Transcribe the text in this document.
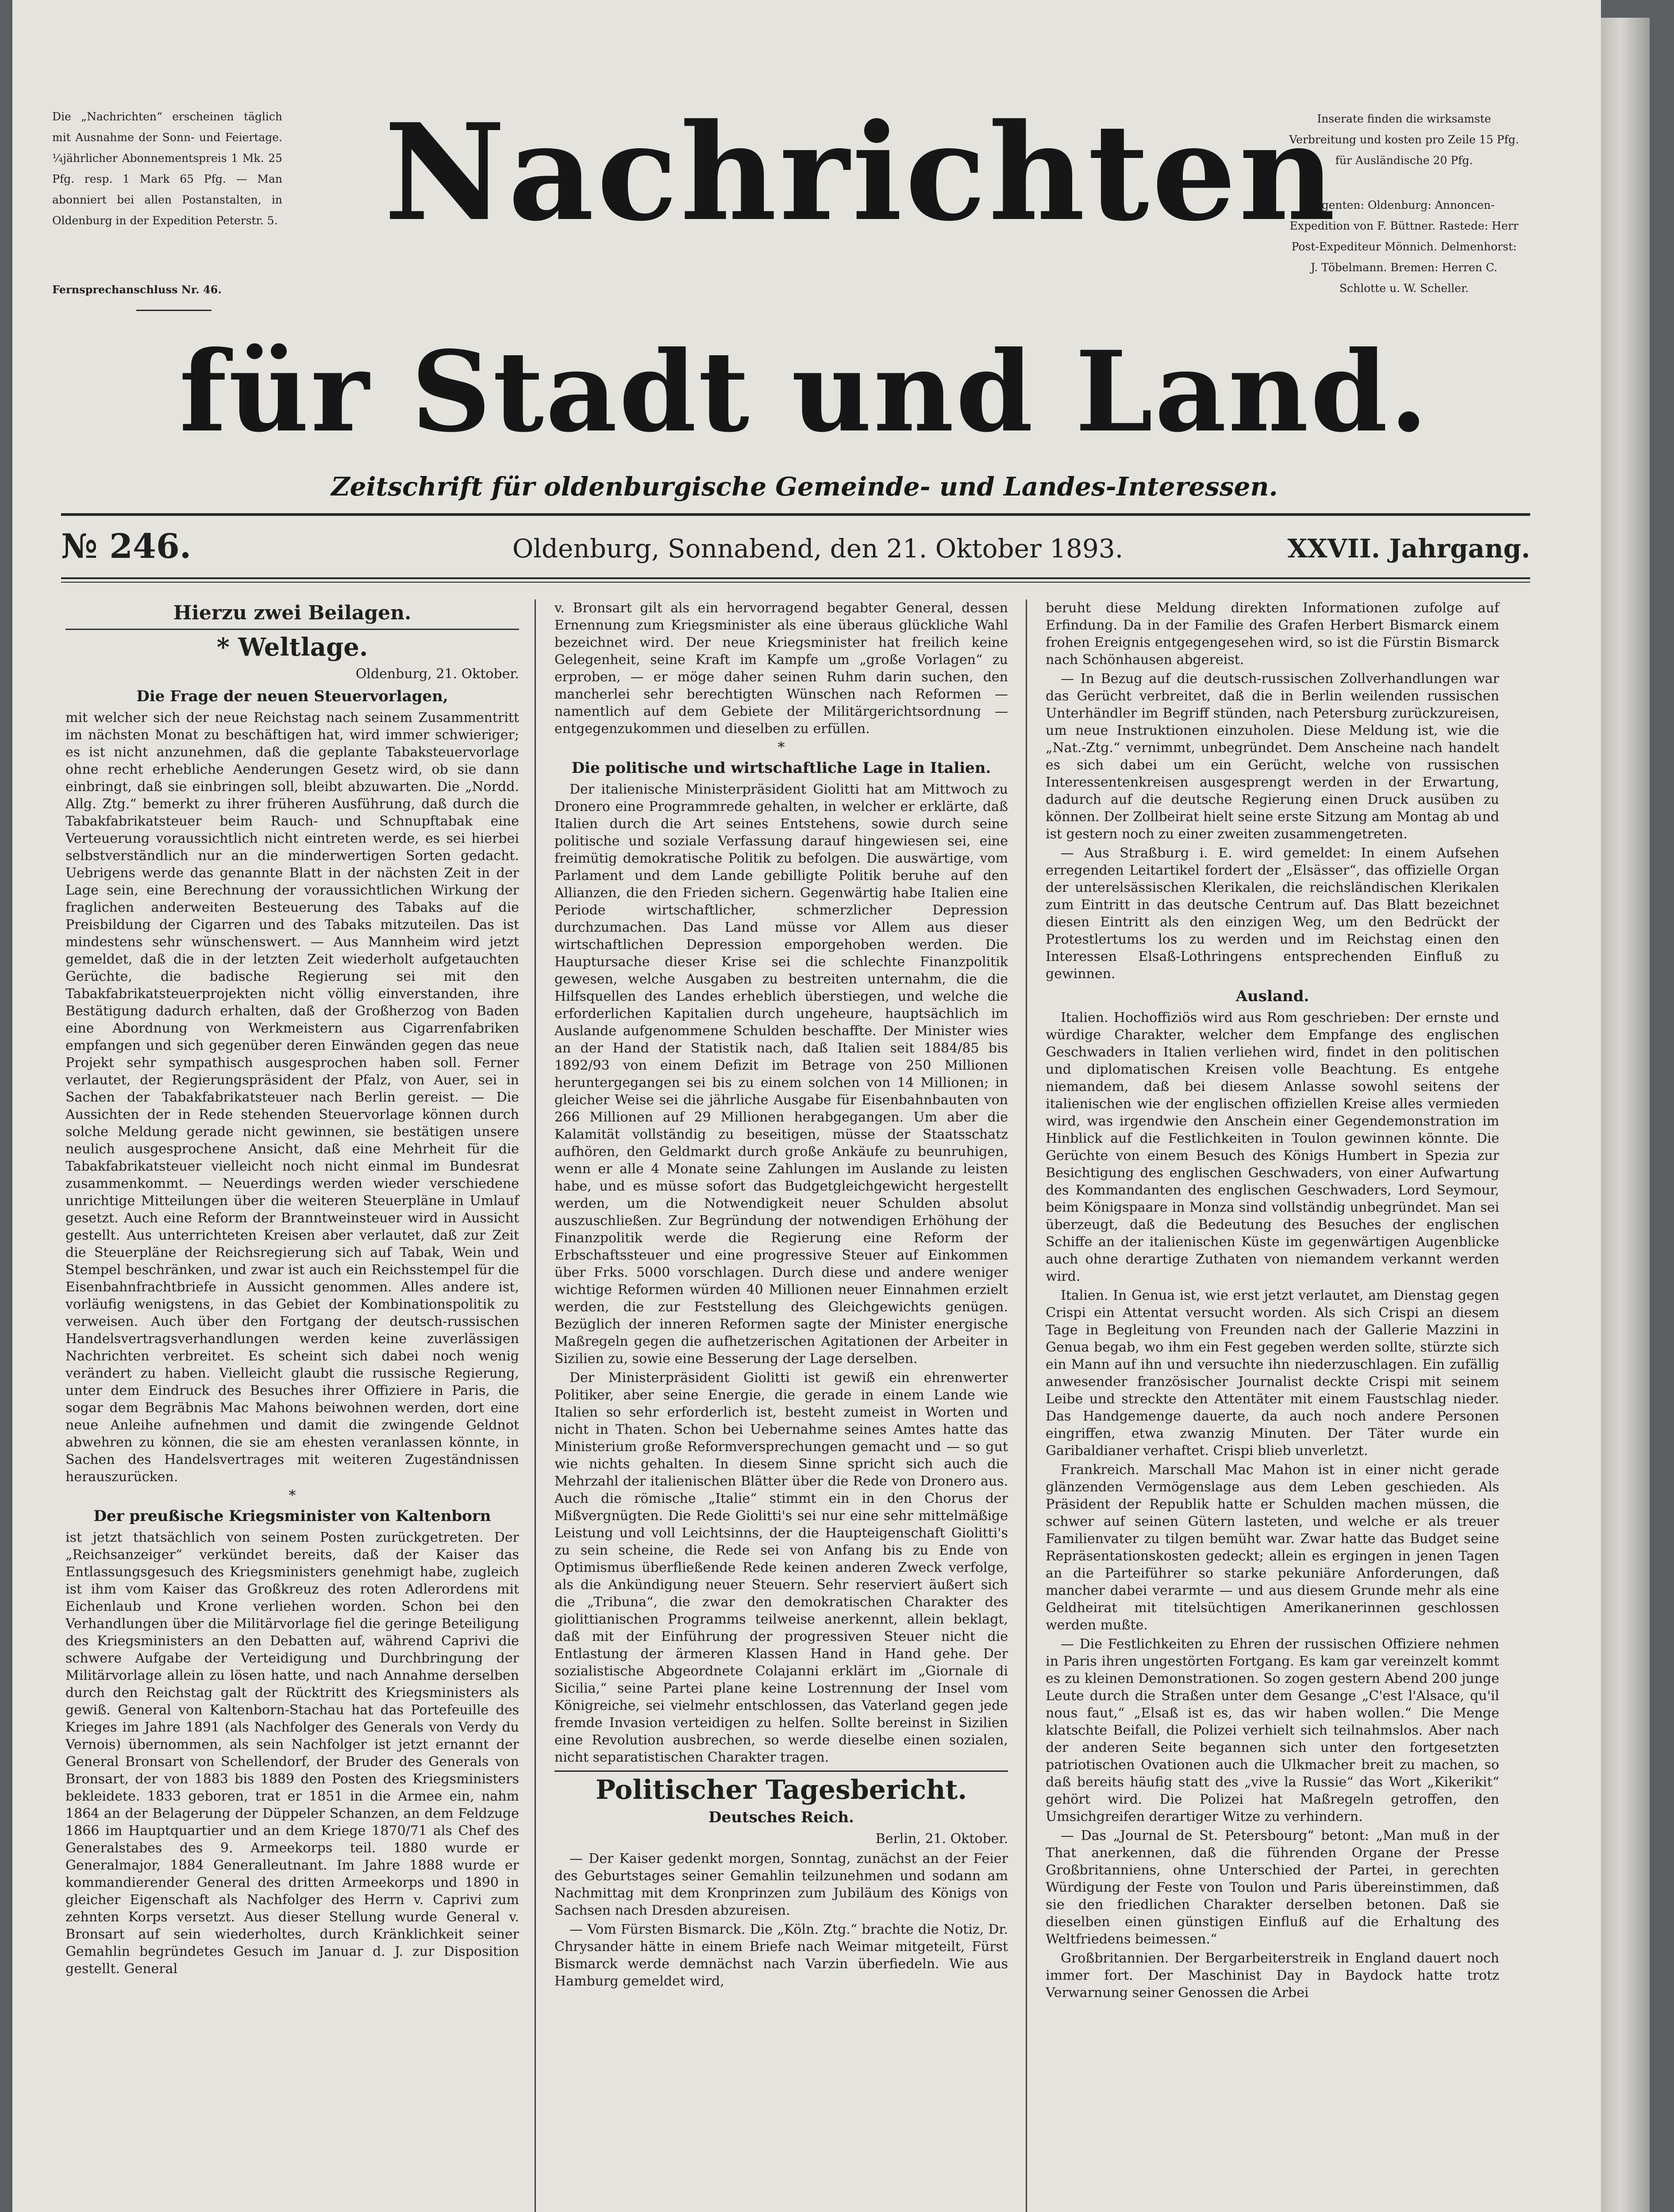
Die „Nachrichten“ erscheinen täglich mit Ausnahme der Sonn- und Feiertage. ¼jährlicher Abonnementspreis 1 Mk. 25 Pfg. resp. 1 Mark 65 Pfg. — Man abonniert bei allen Postanstalten, in Oldenburg in der Expedition Peterstr. 5.
Fernsprechanschluss Nr. 46.
Inserate finden die wirksamste Verbreitung und kosten pro Zeile 15 Pfg. für Ausländische 20 Pfg.
Agenten: Oldenburg: Annoncen-Expedition von F. Büttner. Rastede: Herr Post-Expediteur Mönnich. Delmenhorst: J. Töbelmann. Bremen: Herren C. Schlotte u. W. Scheller.
Nachrichten
für Stadt und Land.
Zeitschrift für oldenburgische Gemeinde- und Landes-Interessen.
№ 246.	Oldenburg, Sonnabend, den 21. Oktober 1893.	XXVII. Jahrgang.
Hierzu zwei Beilagen.
* Weltlage.
Oldenburg, 21. Oktober.
Die Frage der neuen Steuervorlagen,

mit welcher sich der neue Reichstag nach seinem Zusammentritt im nächsten Monat zu beschäftigen hat, wird immer schwieriger; es ist nicht anzunehmen, daß die geplante Tabaksteuervorlage ohne recht erhebliche Aenderungen Gesetz wird, ob sie dann einbringt, daß sie einbringen soll, bleibt abzuwarten. Die „Nordd. Allg. Ztg.“ bemerkt zu ihrer früheren Ausführung, daß durch die Tabakfabrikatsteuer beim Rauch- und Schnupftabak eine Verteuerung voraussichtlich nicht eintreten werde, es sei hierbei selbstverständlich nur an die minderwertigen Sorten gedacht. Uebrigens werde das genannte Blatt in der nächsten Zeit in der Lage sein, eine Berechnung der voraussichtlichen Wirkung der fraglichen anderweiten Besteuerung des Tabaks auf die Preisbildung der Cigarren und des Tabaks mitzuteilen. Das ist mindestens sehr wünschenswert. — Aus Mannheim wird jetzt gemeldet, daß die in der letzten Zeit wiederholt aufgetauchten Gerüchte, die badische Regierung sei mit den Tabakfabrikatsteuerprojekten nicht völlig einverstanden, ihre Bestätigung dadurch erhalten, daß der Großherzog von Baden eine Abordnung von Werkmeistern aus Cigarrenfabriken empfangen und sich gegenüber deren Einwänden gegen das neue Projekt sehr sympathisch ausgesprochen haben soll. Ferner verlautet, der Regierungspräsident der Pfalz, von Auer, sei in Sachen der Tabakfabrikatsteuer nach Berlin gereist. — Die Aussichten der in Rede stehenden Steuervorlage können durch solche Meldung gerade nicht gewinnen, sie bestätigen unsere neulich ausgesprochene Ansicht, daß eine Mehrheit für die Tabakfabrikatsteuer vielleicht noch nicht einmal im Bundesrat zusammenkommt. — Neuerdings werden wieder verschiedene unrichtige Mitteilungen über die weiteren Steuerpläne in Umlauf gesetzt. Auch eine Reform der Branntweinsteuer wird in Aussicht gestellt. Aus unterrichteten Kreisen aber verlautet, daß zur Zeit die Steuerpläne der Reichsregierung sich auf Tabak, Wein und Stempel beschränken, und zwar ist auch ein Reichsstempel für die Eisenbahnfrachtbriefe in Aussicht genommen. Alles andere ist, vorläufig wenigstens, in das Gebiet der Kombinationspolitik zu verweisen. Auch über den Fortgang der deutsch-russischen Handelsvertragsverhandlungen werden keine zuverlässigen Nachrichten verbreitet. Es scheint sich dabei noch wenig verändert zu haben. Vielleicht glaubt die russische Regierung, unter dem Eindruck des Besuches ihrer Offiziere in Paris, die sogar dem Begräbnis Mac Mahons beiwohnen werden, dort eine neue Anleihe aufnehmen und damit die zwingende Geldnot abwehren zu können, die sie am ehesten veranlassen könnte, in Sachen des Handelsvertrages mit weiteren Zugeständnissen herauszurücken.

*
Der preußische Kriegsminister von Kaltenborn

ist jetzt thatsächlich von seinem Posten zurückgetreten. Der „Reichsanzeiger“ verkündet bereits, daß der Kaiser das Entlassungsgesuch des Kriegsministers genehmigt habe, zugleich ist ihm vom Kaiser das Großkreuz des roten Adlerordens mit Eichenlaub und Krone verliehen worden. Schon bei den Verhandlungen über die Militärvorlage fiel die geringe Beteiligung des Kriegsministers an den Debatten auf, während Caprivi die schwere Aufgabe der Verteidigung und Durchbringung der Militärvorlage allein zu lösen hatte, und nach Annahme derselben durch den Reichstag galt der Rücktritt des Kriegsministers als gewiß. General von Kaltenborn-Stachau hat das Portefeuille des Krieges im Jahre 1891 (als Nachfolger des Generals von Verdy du Vernois) übernommen, als sein Nachfolger ist jetzt ernannt der General Bronsart von Schellendorf, der Bruder des Generals von Bronsart, der von 1883 bis 1889 den Posten des Kriegsministers bekleidete. 1833 geboren, trat er 1851 in die Armee ein, nahm 1864 an der Belagerung der Düppeler Schanzen, an dem Feldzuge 1866 im Hauptquartier und an dem Kriege 1870/71 als Chef des Generalstabes des 9. Armeekorps teil. 1880 wurde er Generalmajor, 1884 Generalleutnant. Im Jahre 1888 wurde er kommandierender General des dritten Armeekorps und 1890 in gleicher Eigenschaft als Nachfolger des Herrn v. Caprivi zum zehnten Korps versetzt. Aus dieser Stellung wurde General v. Bronsart auf sein wiederholtes, durch Kränklichkeit seiner Gemahlin begründetes Gesuch im Januar d. J. zur Disposition gestellt. General

v. Bronsart gilt als ein hervorragend begabter General, dessen Ernennung zum Kriegsminister als eine überaus glückliche Wahl bezeichnet wird. Der neue Kriegsminister hat freilich keine Gelegenheit, seine Kraft im Kampfe um „große Vorlagen“ zu erproben, — er möge daher seinen Ruhm darin suchen, den mancherlei sehr berechtigten Wünschen nach Reformen — namentlich auf dem Gebiete der Militärgerichtsordnung — entgegenzukommen und dieselben zu erfüllen.

*
Die politische und wirtschaftliche Lage in Italien.

Der italienische Ministerpräsident Giolitti hat am Mittwoch zu Dronero eine Programmrede gehalten, in welcher er erklärte, daß Italien durch die Art seines Entstehens, sowie durch seine politische und soziale Verfassung darauf hingewiesen sei, eine freimütig demokratische Politik zu befolgen. Die auswärtige, vom Parlament und dem Lande gebilligte Politik beruhe auf den Allianzen, die den Frieden sichern. Gegenwärtig habe Italien eine Periode wirtschaftlicher, schmerzlicher Depression durchzumachen. Das Land müsse vor Allem aus dieser wirtschaftlichen Depression emporgehoben werden. Die Hauptursache dieser Krise sei die schlechte Finanzpolitik gewesen, welche Ausgaben zu bestreiten unternahm, die die Hilfsquellen des Landes erheblich überstiegen, und welche die erforderlichen Kapitalien durch ungeheure, hauptsächlich im Auslande aufgenommene Schulden beschaffte. Der Minister wies an der Hand der Statistik nach, daß Italien seit 1884/85 bis 1892/93 von einem Defizit im Betrage von 250 Millionen heruntergegangen sei bis zu einem solchen von 14 Millionen; in gleicher Weise sei die jährliche Ausgabe für Eisenbahnbauten von 266 Millionen auf 29 Millionen herabgegangen. Um aber die Kalamität vollständig zu beseitigen, müsse der Staatsschatz aufhören, den Geldmarkt durch große Ankäufe zu beunruhigen, wenn er alle 4 Monate seine Zahlungen im Auslande zu leisten habe, und es müsse sofort das Budgetgleichgewicht hergestellt werden, um die Notwendigkeit neuer Schulden absolut auszuschließen. Zur Begründung der notwendigen Erhöhung der Finanzpolitik werde die Regierung eine Reform der Erbschaftssteuer und eine progressive Steuer auf Einkommen über Frks. 5000 vorschlagen. Durch diese und andere weniger wichtige Reformen würden 40 Millionen neuer Einnahmen erzielt werden, die zur Feststellung des Gleichgewichts genügen. Bezüglich der inneren Reformen sagte der Minister energische Maßregeln gegen die aufhetzerischen Agitationen der Arbeiter in Sizilien zu, sowie eine Besserung der Lage derselben.

Der Ministerpräsident Giolitti ist gewiß ein ehrenwerter Politiker, aber seine Energie, die gerade in einem Lande wie Italien so sehr erforderlich ist, besteht zumeist in Worten und nicht in Thaten. Schon bei Uebernahme seines Amtes hatte das Ministerium große Reformversprechungen gemacht und — so gut wie nichts gehalten. In diesem Sinne spricht sich auch die Mehrzahl der italienischen Blätter über die Rede von Dronero aus. Auch die römische „Italie“ stimmt ein in den Chorus der Mißvergnügten. Die Rede Giolitti's sei nur eine sehr mittelmäßige Leistung und voll Leichtsinns, der die Haupteigenschaft Giolitti's zu sein scheine, die Rede sei von Anfang bis zu Ende von Optimismus überfließende Rede keinen anderen Zweck verfolge, als die Ankündigung neuer Steuern. Sehr reserviert äußert sich die „Tribuna“, die zwar den demokratischen Charakter des giolittianischen Programms teilweise anerkennt, allein beklagt, daß mit der Einführung der progressiven Steuer nicht die Entlastung der ärmeren Klassen Hand in Hand gehe. Der sozialistische Abgeordnete Colajanni erklärt im „Giornale di Sicilia,“ seine Partei plane keine Lostrennung der Insel vom Königreiche, sei vielmehr entschlossen, das Vaterland gegen jede fremde Invasion verteidigen zu helfen. Sollte bereinst in Sizilien eine Revolution ausbrechen, so werde dieselbe einen sozialen, nicht separatistischen Charakter tragen.

Politischer Tagesbericht.
Deutsches Reich.
Berlin, 21. Oktober.

— Der Kaiser gedenkt morgen, Sonntag, zunächst an der Feier des Geburtstages seiner Gemahlin teilzunehmen und sodann am Nachmittag mit dem Kronprinzen zum Jubiläum des Königs von Sachsen nach Dresden abzureisen.

— Vom Fürsten Bismarck. Die „Köln. Ztg.“ brachte die Notiz, Dr. Chrysander hätte in einem Briefe nach Weimar mitgeteilt, Fürst Bismarck werde demnächst nach Varzin überfiedeln. Wie aus Hamburg gemeldet wird,

beruht diese Meldung direkten Informationen zufolge auf Erfindung. Da in der Familie des Grafen Herbert Bismarck einem frohen Ereignis entgegengesehen wird, so ist die Fürstin Bismarck nach Schönhausen abgereist.

— In Bezug auf die deutsch-russischen Zollverhandlungen war das Gerücht verbreitet, daß die in Berlin weilenden russischen Unterhändler im Begriff stünden, nach Petersburg zurückzureisen, um neue Instruktionen einzuholen. Diese Meldung ist, wie die „Nat.-Ztg.“ vernimmt, unbegründet. Dem Anscheine nach handelt es sich dabei um ein Gerücht, welche von russischen Interessentenkreisen ausgesprengt werden in der Erwartung, dadurch auf die deutsche Regierung einen Druck ausüben zu können. Der Zollbeirat hielt seine erste Sitzung am Montag ab und ist gestern noch zu einer zweiten zusammengetreten.

— Aus Straßburg i. E. wird gemeldet: In einem Aufsehen erregenden Leitartikel fordert der „Elsässer“, das offizielle Organ der unterelsässischen Klerikalen, die reichsländischen Klerikalen zum Eintritt in das deutsche Centrum auf. Das Blatt bezeichnet diesen Eintritt als den einzigen Weg, um den Bedrückt der Protestlertums los zu werden und im Reichstag einen den Interessen Elsaß-Lothringens entsprechenden Einfluß zu gewinnen.

Ausland.

Italien. Hochoffiziös wird aus Rom geschrieben: Der ernste und würdige Charakter, welcher dem Empfange des englischen Geschwaders in Italien verliehen wird, findet in den politischen und diplomatischen Kreisen volle Beachtung. Es entgehe niemandem, daß bei diesem Anlasse sowohl seitens der italienischen wie der englischen offiziellen Kreise alles vermieden wird, was irgendwie den Anschein einer Gegendemonstration im Hinblick auf die Festlichkeiten in Toulon gewinnen könnte. Die Gerüchte von einem Besuch des Königs Humbert in Spezia zur Besichtigung des englischen Geschwaders, von einer Aufwartung des Kommandanten des englischen Geschwaders, Lord Seymour, beim Königspaare in Monza sind vollständig unbegründet. Man sei überzeugt, daß die Bedeutung des Besuches der englischen Schiffe an der italienischen Küste im gegenwärtigen Augenblicke auch ohne derartige Zuthaten von niemandem verkannt werden wird.

Italien. In Genua ist, wie erst jetzt verlautet, am Dienstag gegen Crispi ein Attentat versucht worden. Als sich Crispi an diesem Tage in Begleitung von Freunden nach der Gallerie Mazzini in Genua begab, wo ihm ein Fest gegeben werden sollte, stürzte sich ein Mann auf ihn und versuchte ihn niederzuschlagen. Ein zufällig anwesender französischer Journalist deckte Crispi mit seinem Leibe und streckte den Attentäter mit einem Faustschlag nieder. Das Handgemenge dauerte, da auch noch andere Personen eingriffen, etwa zwanzig Minuten. Der Täter wurde ein Garibaldianer verhaftet. Crispi blieb unverletzt.

Frankreich. Marschall Mac Mahon ist in einer nicht gerade glänzenden Vermögenslage aus dem Leben geschieden. Als Präsident der Republik hatte er Schulden machen müssen, die schwer auf seinen Gütern lasteten, und welche er als treuer Familienvater zu tilgen bemüht war. Zwar hatte das Budget seine Repräsentationskosten gedeckt; allein es ergingen in jenen Tagen an die Parteiführer so starke pekuniäre Anforderungen, daß mancher dabei verarmte — und aus diesem Grunde mehr als eine Geldheirat mit titelsüchtigen Amerikanerinnen geschlossen werden mußte.

— Die Festlichkeiten zu Ehren der russischen Offiziere nehmen in Paris ihren ungestörten Fortgang. Es kam gar vereinzelt kommt es zu kleinen Demonstrationen. So zogen gestern Abend 200 junge Leute durch die Straßen unter dem Gesange „C'est l'Alsace, qu'il nous faut,“ „Elsaß ist es, das wir haben wollen.“ Die Menge klatschte Beifall, die Polizei verhielt sich teilnahmslos. Aber nach der anderen Seite begannen sich unter den fortgesetzten patriotischen Ovationen auch die Ulkmacher breit zu machen, so daß bereits häufig statt des „vive la Russie“ das Wort „Kikerikit“ gehört wird. Die Polizei hat Maßregeln getroffen, den Umsichgreifen derartiger Witze zu verhindern.

— Das „Journal de St. Petersbourg“ betont: „Man muß in der That anerkennen, daß die führenden Organe der Presse Großbritanniens, ohne Unterschied der Partei, in gerechten Würdigung der Feste von Toulon und Paris übereinstimmen, daß sie den friedlichen Charakter derselben betonen. Daß sie dieselben einen günstigen Einfluß auf die Erhaltung des Weltfriedens beimessen.“

Großbritannien. Der Bergarbeiterstreik in England dauert noch immer fort. Der Maschinist Day in Baydock hatte trotz Verwarnung seiner Genossen die Arbei
